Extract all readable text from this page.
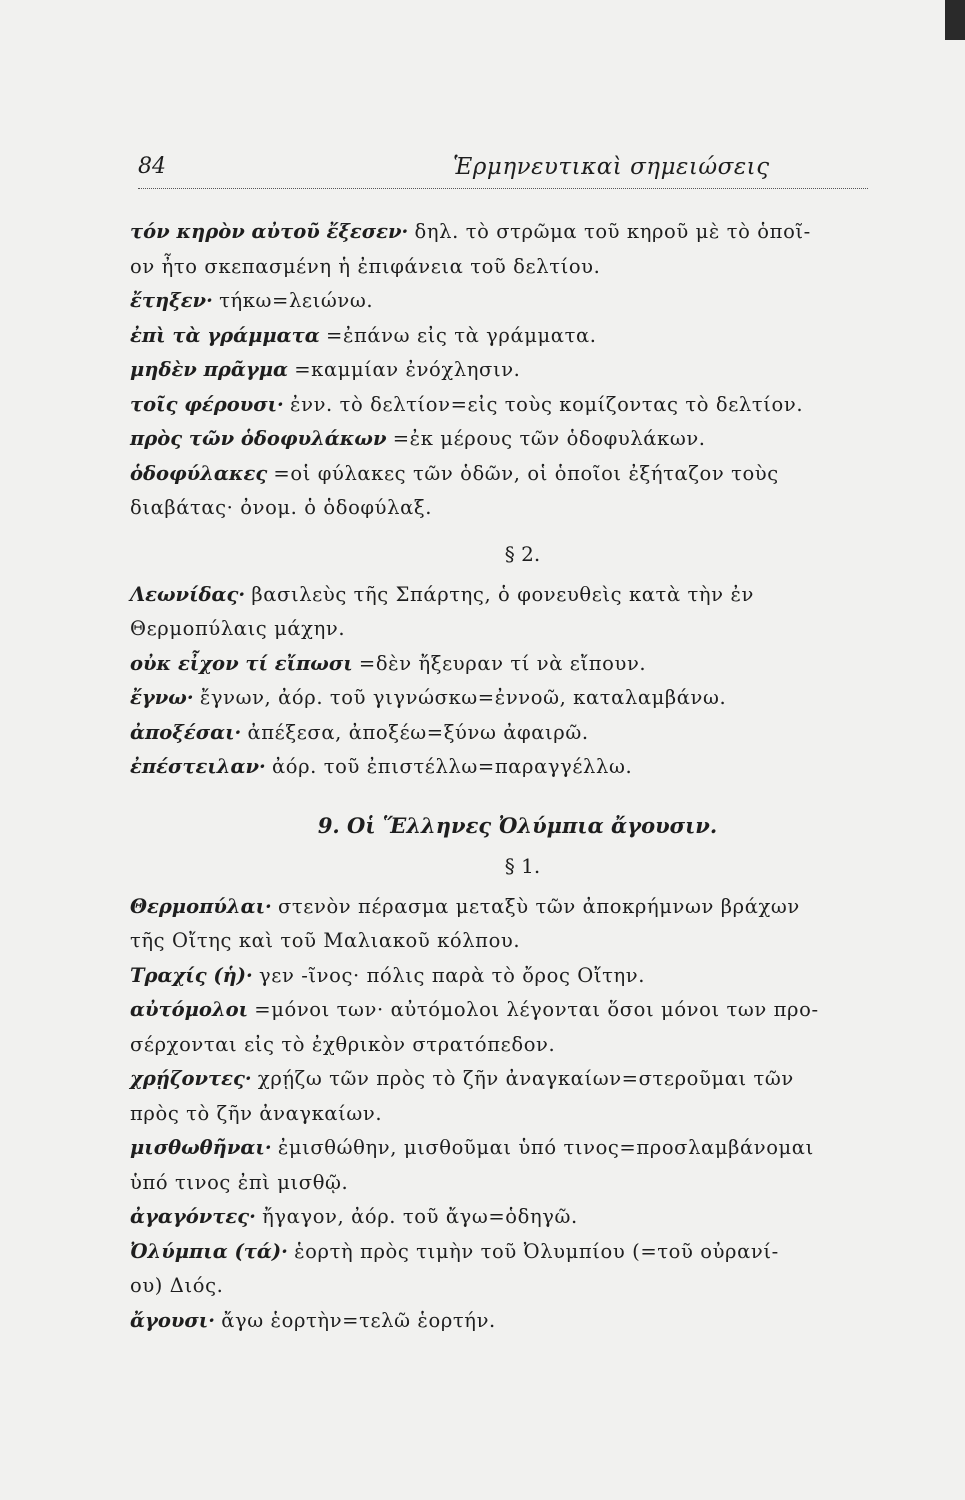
84	Ἑρμηνευτικαὶ σημειώσεις

τόν κηρὸν αὐτοῦ ἔξεσεν· δηλ. τὸ στρῶμα τοῦ κηροῦ μὲ τὸ ὁποῖ-
ον ἦτο σκεπασμένη ἡ ἐπιφάνεια τοῦ δελτίου.

ἔτηξεν· τήκω=λειώνω.

ἐπὶ τὰ γράμματα =ἐπάνω εἰς τὰ γράμματα.

μηδὲν πρᾶγμα =καμμίαν ἐνόχλησιν.

τοῖς φέρουσι· ἐνν. τὸ δελτίον=εἰς τοὺς κομίζοντας τὸ δελτίον.

πρὸς τῶν ὁδοφυλάκων =ἐκ μέρους τῶν ὁδοφυλάκων.

ὁδοφύλακες =οἱ φύλακες τῶν ὁδῶν, οἱ ὁποῖοι ἐξήταζον τοὺς
διαβάτας· ὀνομ. ὁ ὁδοφύλαξ.

§ 2.

Λεωνίδας· βασιλεὺς τῆς Σπάρτης, ὁ φονευθεὶς κατὰ τὴν ἐν
Θερμοπύλαις μάχην.

οὐκ εἶχον τί εἴπωσι =δὲν ἤξευραν τί νὰ εἴπουν.

ἔγνω· ἔγνων, ἀόρ. τοῦ γιγνώσκω=ἐννοῶ, καταλαμβάνω.

ἀποξέσαι· ἀπέξεσα, ἀποξέω=ξύνω ἀφαιρῶ.

ἐπέστειλαν· ἀόρ. τοῦ ἐπιστέλλω=παραγγέλλω.

9. Οἱ Ἕλληνες Ὀλύμπια ἄγουσιν.
§ 1.

Θερμοπύλαι· στενὸν πέρασμα μεταξὺ τῶν ἀποκρήμνων βράχων
τῆς Οἴτης καὶ τοῦ Μαλιακοῦ κόλπου.

Τραχίς (ἡ)· γεν -ῖνος· πόλις παρὰ τὸ ὄρος Οἴτην.

αὐτόμολοι =μόνοι των· αὐτόμολοι λέγονται ὅσοι μόνοι των προ-
σέρχονται εἰς τὸ ἐχθρικὸν στρατόπεδον.

χρῄζοντες· χρῄζω τῶν πρὸς τὸ ζῆν ἀναγκαίων=στεροῦμαι τῶν
πρὸς τὸ ζῆν ἀναγκαίων.

μισθωθῆναι· ἐμισθώθην, μισθοῦμαι ὑπό τινος=προσλαμβάνομαι
ὑπό τινος ἐπὶ μισθῷ.

ἀγαγόντες· ἤγαγον, ἀόρ. τοῦ ἄγω=ὁδηγῶ.

Ὀλύμπια (τά)· ἑορτὴ πρὸς τιμὴν τοῦ Ὀλυμπίου (=τοῦ οὐρανί-
ου) Διός.

ἄγουσι· ἄγω ἑορτὴν=τελῶ ἑορτήν.
